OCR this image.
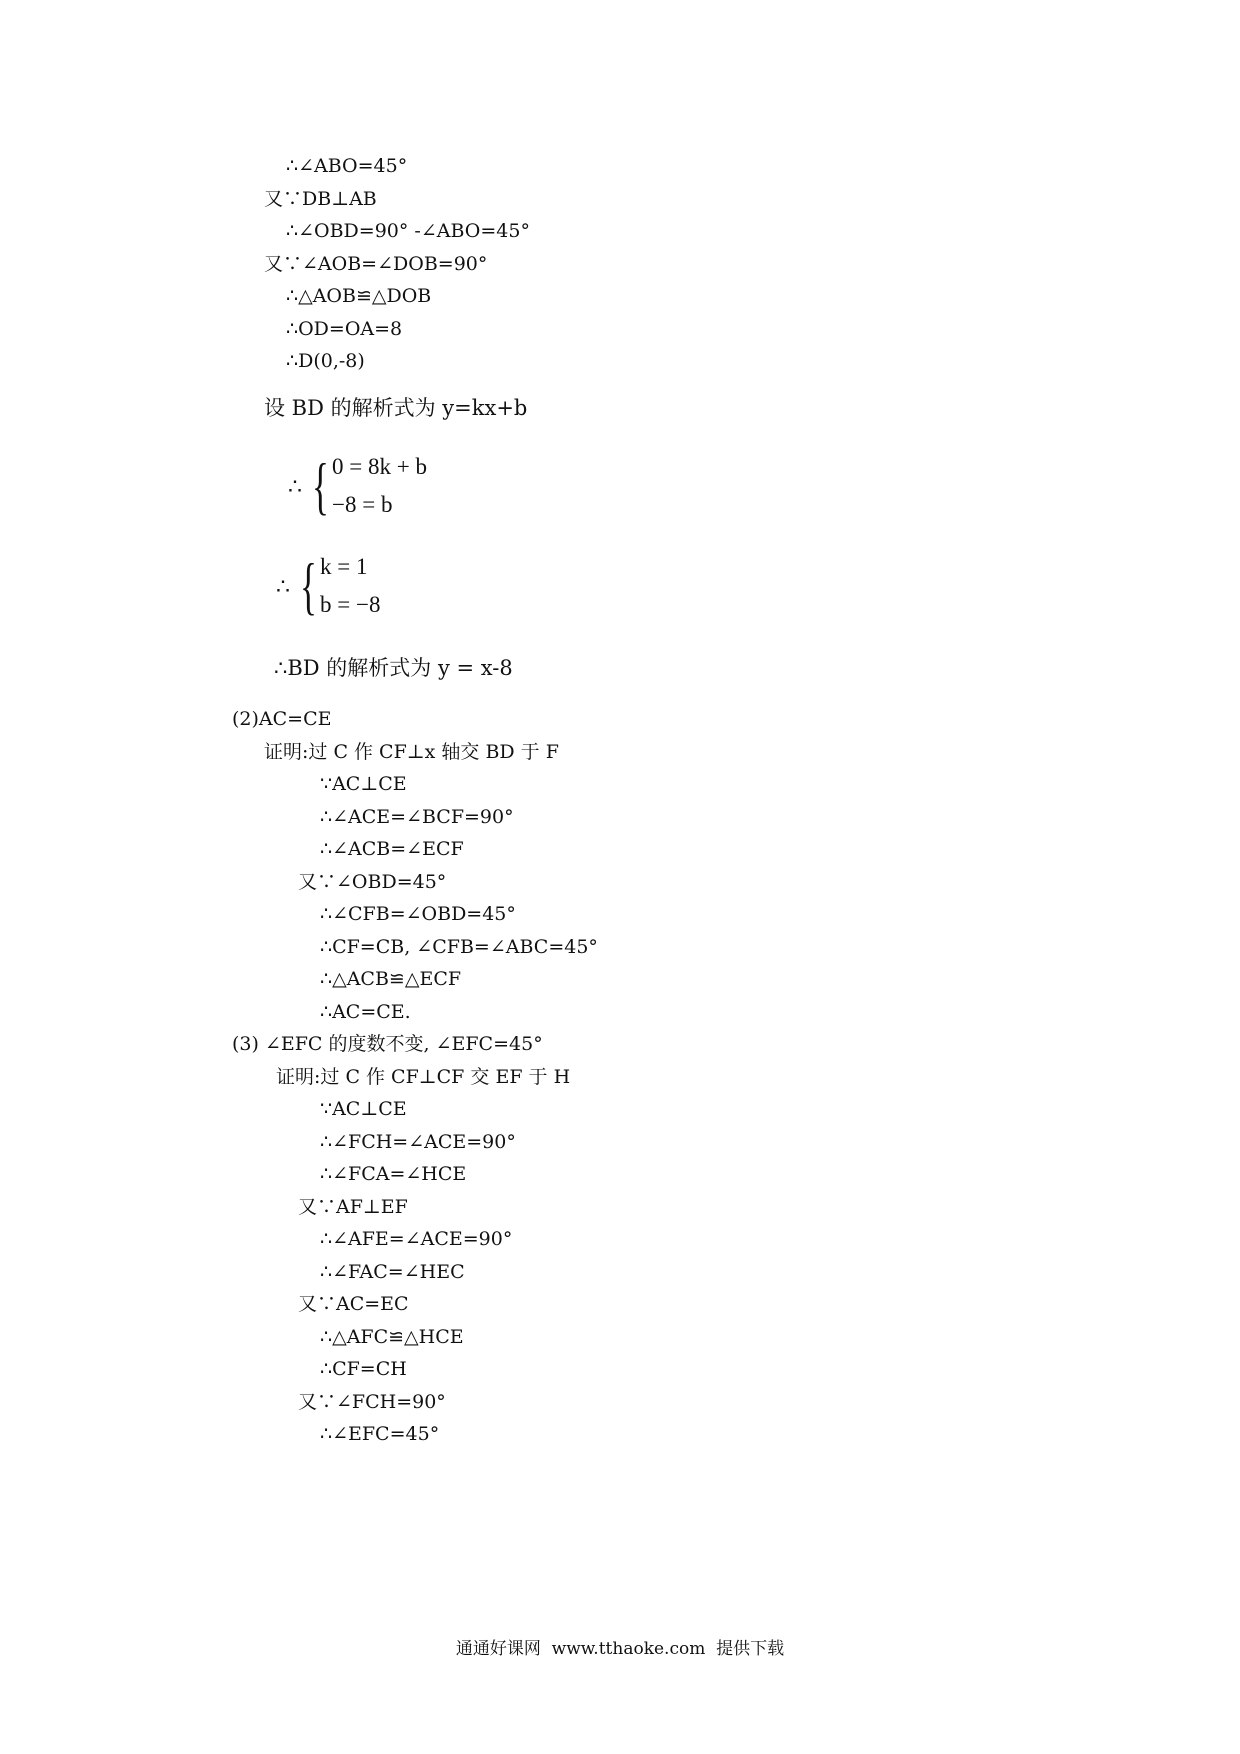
∴∠ABO=45°
又∵DB⊥AB
∴∠OBD=90° -∠ABO=45°
又∵∠AOB=∠DOB=90°
∴△AOB≌△DOB
∴OD=OA=8
∴D(0,-8)
设 BD 的解析式为 y=kx+b
∴ { 0 = 8k + b
−8 = b
∴ { k = 1
b = −8
∴BD 的解析式为 y = x-8
(2)AC=CE
证明:过 C 作 CF⊥x 轴交 BD 于 F
∵AC⊥CE
∴∠ACE=∠BCF=90°
∴∠ACB=∠ECF
又∵∠OBD=45°
∴∠CFB=∠OBD=45°
∴CF=CB, ∠CFB=∠ABC=45°
∴△ACB≌△ECF
∴AC=CE.
(3) ∠EFC 的度数不变, ∠EFC=45°
证明:过 C 作 CF⊥CF 交 EF 于 H
∵AC⊥CE
∴∠FCH=∠ACE=90°
∴∠FCA=∠HCE
又∵AF⊥EF
∴∠AFE=∠ACE=90°
∴∠FAC=∠HEC
又∵AC=EC
∴△AFC≌△HCE
∴CF=CH
又∵∠FCH=90°
∴∠EFC=45°
通通好课网  www.tthaoke.com  提供下载
